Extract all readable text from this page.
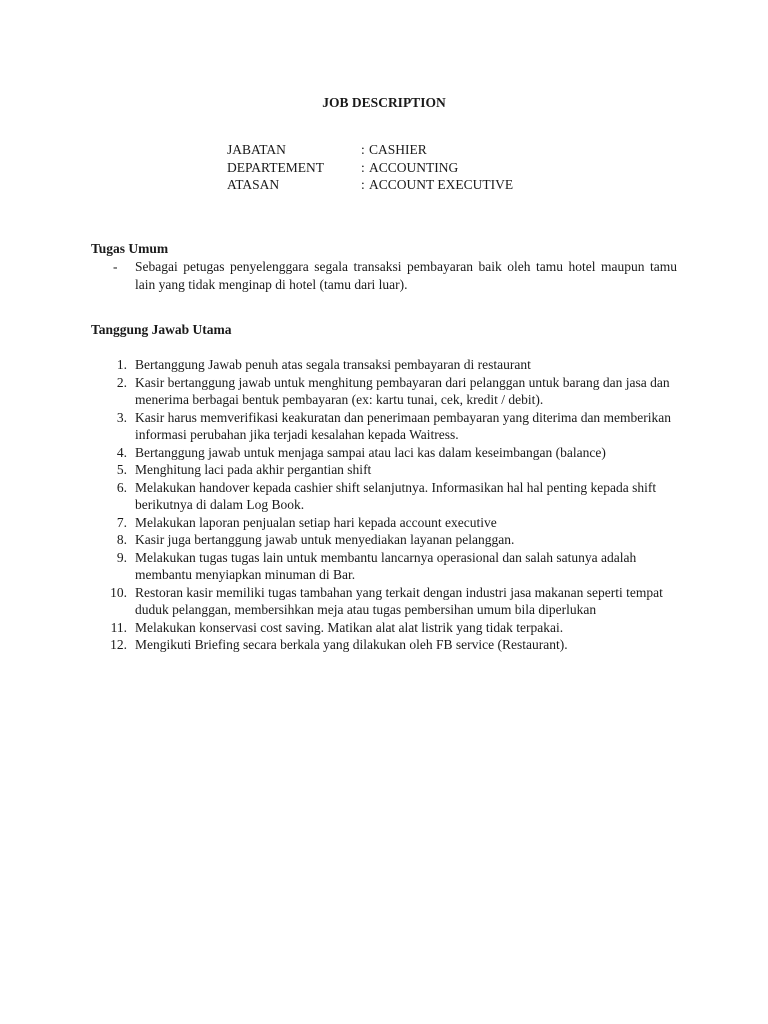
JOB DESCRIPTION
JABATAN	: CASHIER
DEPARTEMENT	: ACCOUNTING
ATASAN	: ACCOUNT EXECUTIVE
Tugas Umum
-	Sebagai petugas penyelenggara segala transaksi pembayaran baik oleh tamu hotel maupun tamu lain yang tidak menginap di hotel (tamu dari luar).
Tanggung Jawab Utama
1. Bertanggung Jawab penuh atas segala transaksi pembayaran di restaurant
2. Kasir bertanggung jawab untuk menghitung pembayaran dari pelanggan untuk barang dan jasa dan menerima berbagai bentuk pembayaran (ex: kartu tunai, cek, kredit / debit).
3. Kasir harus memverifikasi keakuratan dan penerimaan pembayaran yang diterima dan memberikan informasi perubahan jika terjadi kesalahan kepada Waitress.
4. Bertanggung jawab untuk menjaga sampai atau laci kas dalam keseimbangan (balance)
5. Menghitung laci pada akhir pergantian shift
6. Melakukan handover kepada cashier shift selanjutnya. Informasikan hal hal penting kepada shift berikutnya di dalam Log Book.
7. Melakukan laporan penjualan setiap hari kepada account executive
8. Kasir juga bertanggung jawab untuk menyediakan layanan pelanggan.
9. Melakukan tugas tugas lain untuk membantu lancarnya operasional dan salah satunya adalah membantu menyiapkan minuman di Bar.
10. Restoran kasir memiliki tugas tambahan yang terkait dengan industri jasa makanan seperti tempat duduk pelanggan, membersihkan meja atau tugas pembersihan umum bila diperlukan
11. Melakukan konservasi cost saving. Matikan alat alat listrik yang tidak terpakai.
12. Mengikuti Briefing secara berkala yang dilakukan oleh FB service (Restaurant).
